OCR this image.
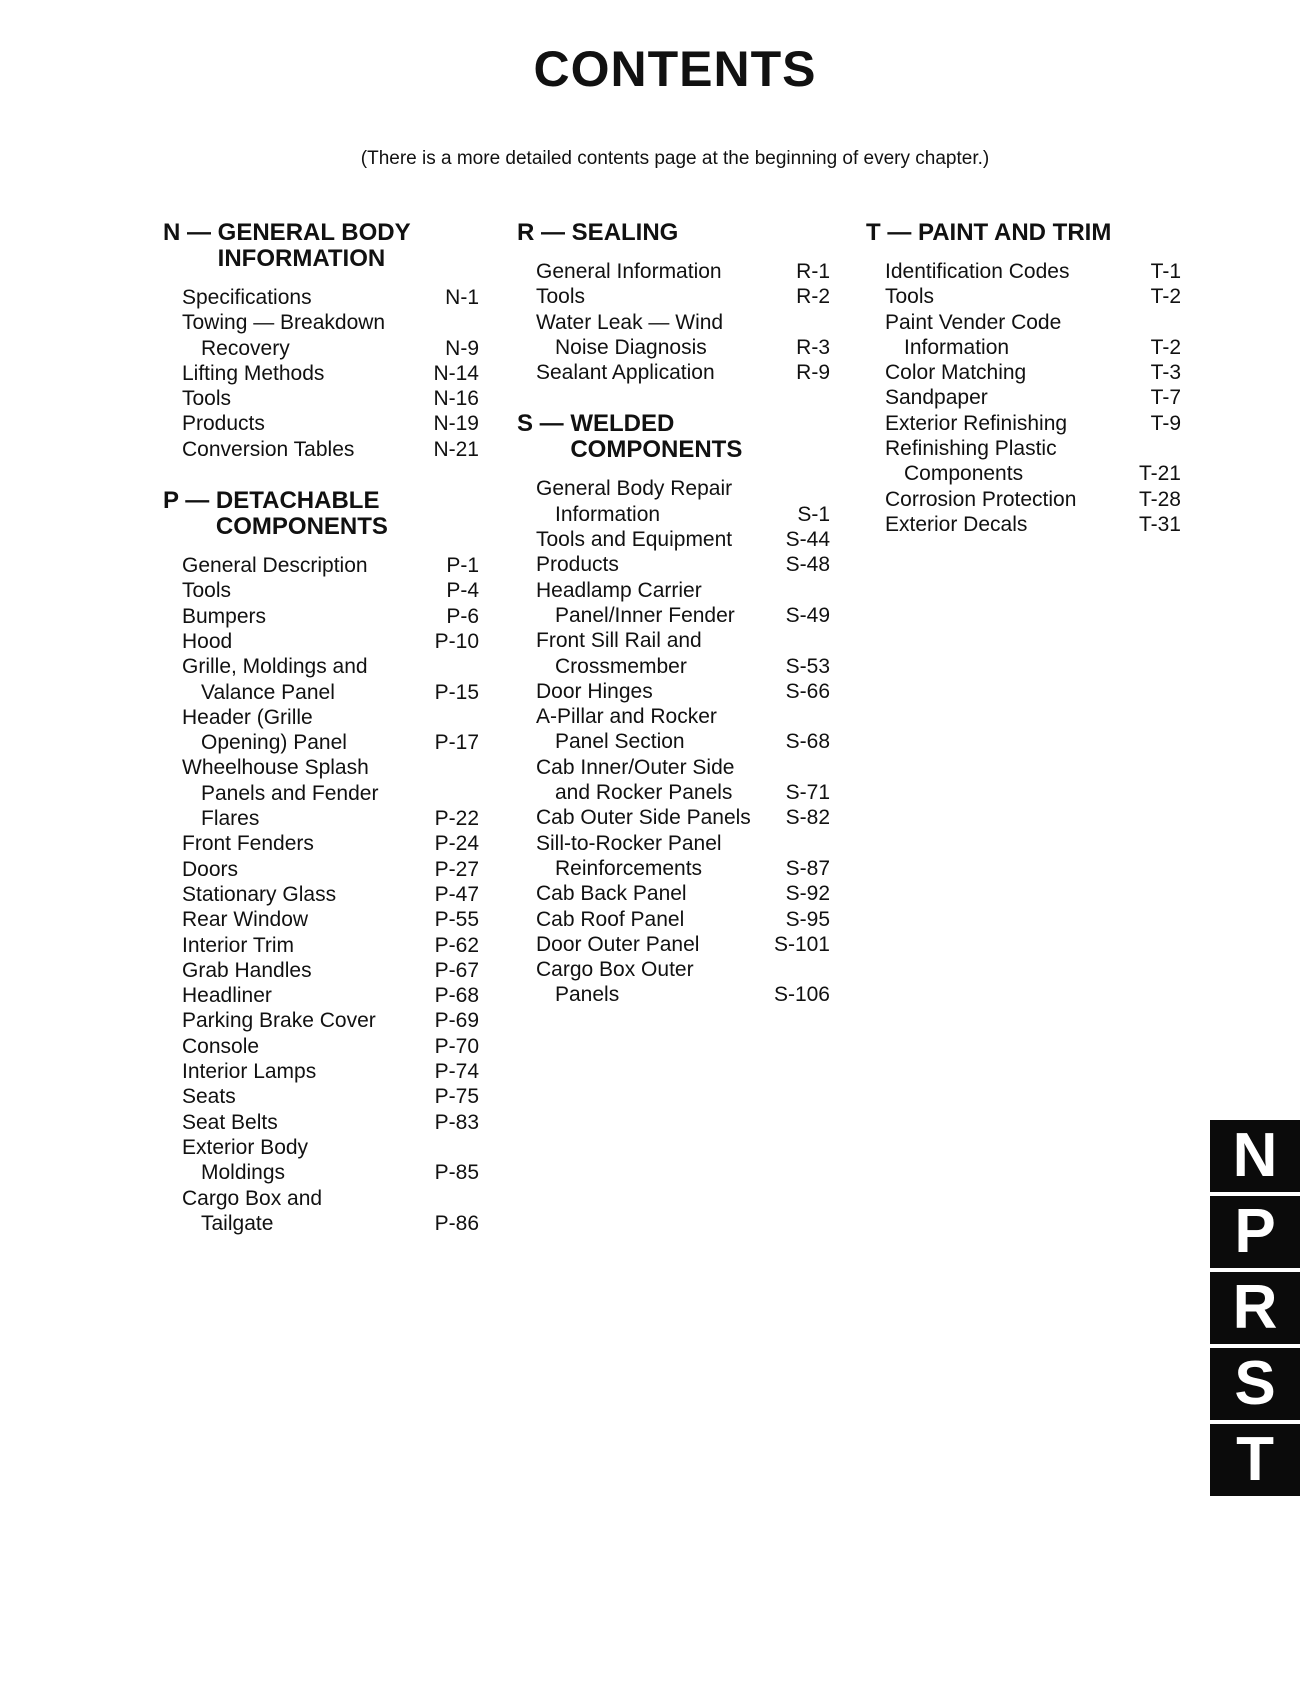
CONTENTS
(There is a more detailed contents page at the beginning of every chapter.)
N — GENERAL BODY
INFORMATION
Specifications	N-1
Towing — Breakdown
Recovery	N-9
Lifting Methods	N-14
Tools	N-16
Products	N-19
Conversion Tables	N-21
P — DETACHABLE
COMPONENTS
General Description	P-1
Tools	P-4
Bumpers	P-6
Hood	P-10
Grille, Moldings and
Valance Panel	P-15
Header (Grille
Opening) Panel	P-17
Wheelhouse Splash
Panels and Fender
Flares	P-22
Front Fenders	P-24
Doors	P-27
Stationary Glass	P-47
Rear Window	P-55
Interior Trim	P-62
Grab Handles	P-67
Headliner	P-68
Parking Brake Cover	P-69
Console	P-70
Interior Lamps	P-74
Seats	P-75
Seat Belts	P-83
Exterior Body
Moldings	P-85
Cargo Box and
Tailgate	P-86
R — SEALING
General Information	R-1
Tools	R-2
Water Leak — Wind
Noise Diagnosis	R-3
Sealant Application	R-9
S — WELDED
COMPONENTS
General Body Repair
Information	S-1
Tools and Equipment	S-44
Products	S-48
Headlamp Carrier
Panel/Inner Fender S-49
Front Sill Rail and
Crossmember	S-53
Door Hinges	S-66
A-Pillar and Rocker
Panel Section	S-68
Cab Inner/Outer Side
and Rocker Panels	S-71
Cab Outer Side Panels S-82
Sill-to-Rocker Panel
Reinforcements	S-87
Cab Back Panel	S-92
Cab Roof Panel	S-95
Door Outer Panel	S-101
Cargo Box Outer
Panels	S-106
T — PAINT AND TRIM
Identification Codes	T-1
Tools	T-2
Paint Vender Code
Information	T-2
Color Matching	T-3
Sandpaper	T-7
Exterior Refinishing	T-9
Refinishing Plastic
Components	T-21
Corrosion Protection	T-28
Exterior Decals	T-31
N
P
R
S
T
